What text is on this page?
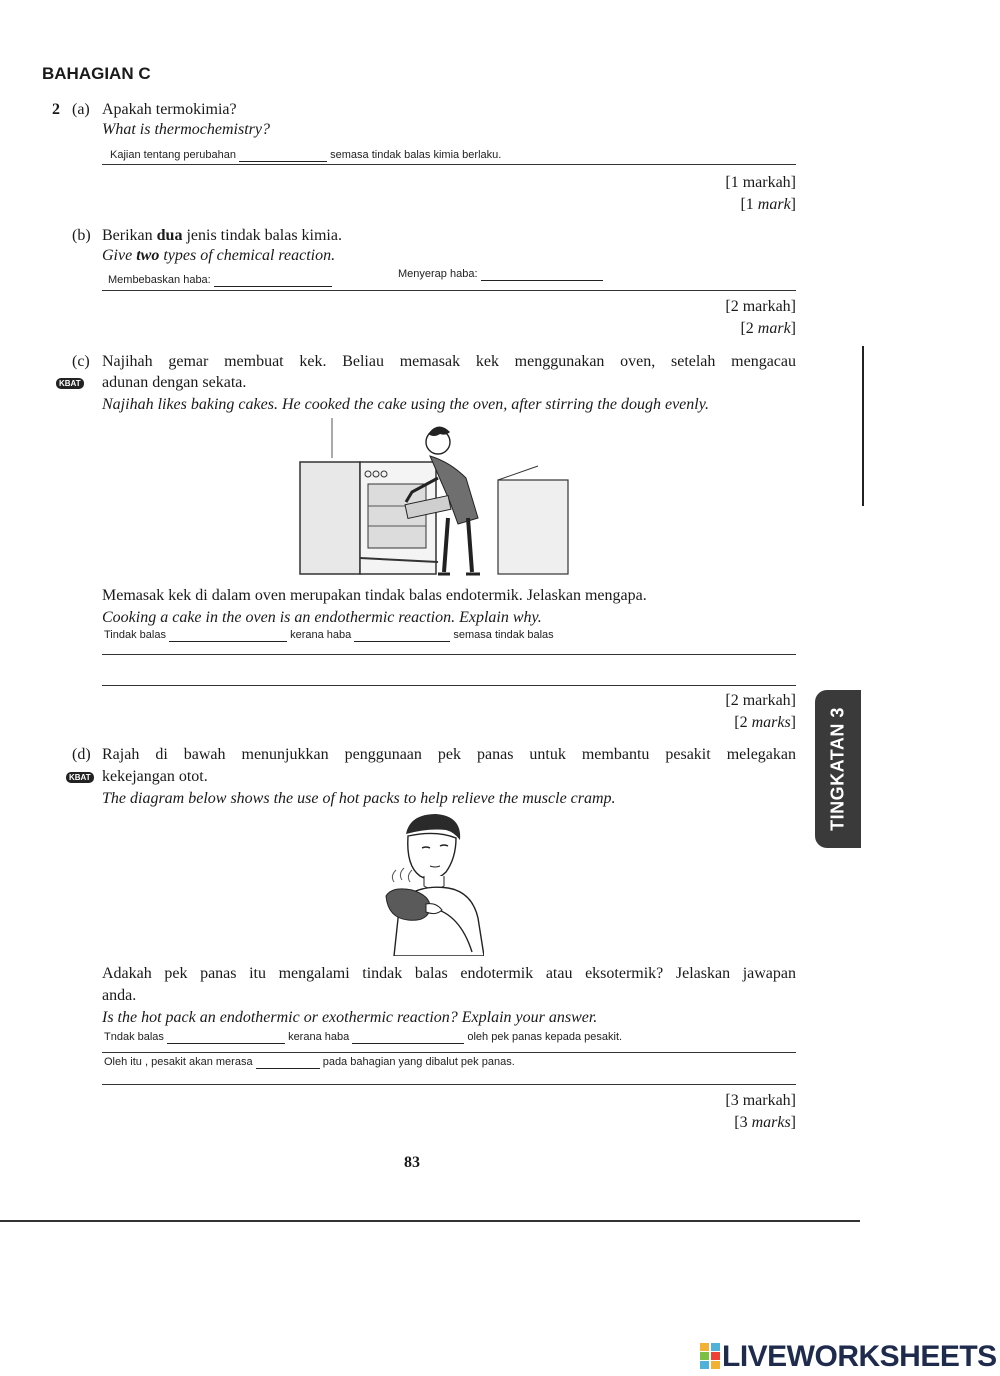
BAHAGIAN C
2 (a) Apakah termokimia?
What is thermochemistry?
Kajian tentang perubahan	semasa tindak balas kimia berlaku.
[1 markah]
[1 mark]
(b) Berikan dua jenis tindak balas kimia.
Give two types of chemical reaction.
Membebaskan haba:	Menyerap haba:
[2 markah]
[2 mark]
(c) Najihah gemar membuat kek. Beliau memasak kek menggunakan oven, setelah mengacau
KBAT	adunan dengan sekata.
Najihah likes baking cakes. He cooked the cake using the oven, after stirring the dough evenly.
Memasak kek di dalam oven merupakan tindak balas endotermik. Jelaskan mengapa.
Cooking a cake in the oven is an endothermic reaction. Explain why.
Tindak balas	kerana haba	semasa tindak balas
[2 markah]
[2 marks]
(d) Rajah di bawah menunjukkan penggunaan pek panas untuk membantu pesakit melegakan
KBAT kekejangan otot.
The diagram below shows the use of hot packs to help relieve the muscle cramp.
Adakah pek panas itu mengalami tindak balas endotermik atau eksotermik? Jelaskan jawapan
anda.
Is the hot pack an endothermic or exothermic reaction? Explain your answer.
Tndak balas	kerana haba	oleh pek panas kepada pesakit.
Oleh itu , pesakit akan merasa	pada bahagian yang dibalut pek panas.
[3 markah]
[3 marks]
83
TINGKATAN 3
LIVEWORKSHEETS
